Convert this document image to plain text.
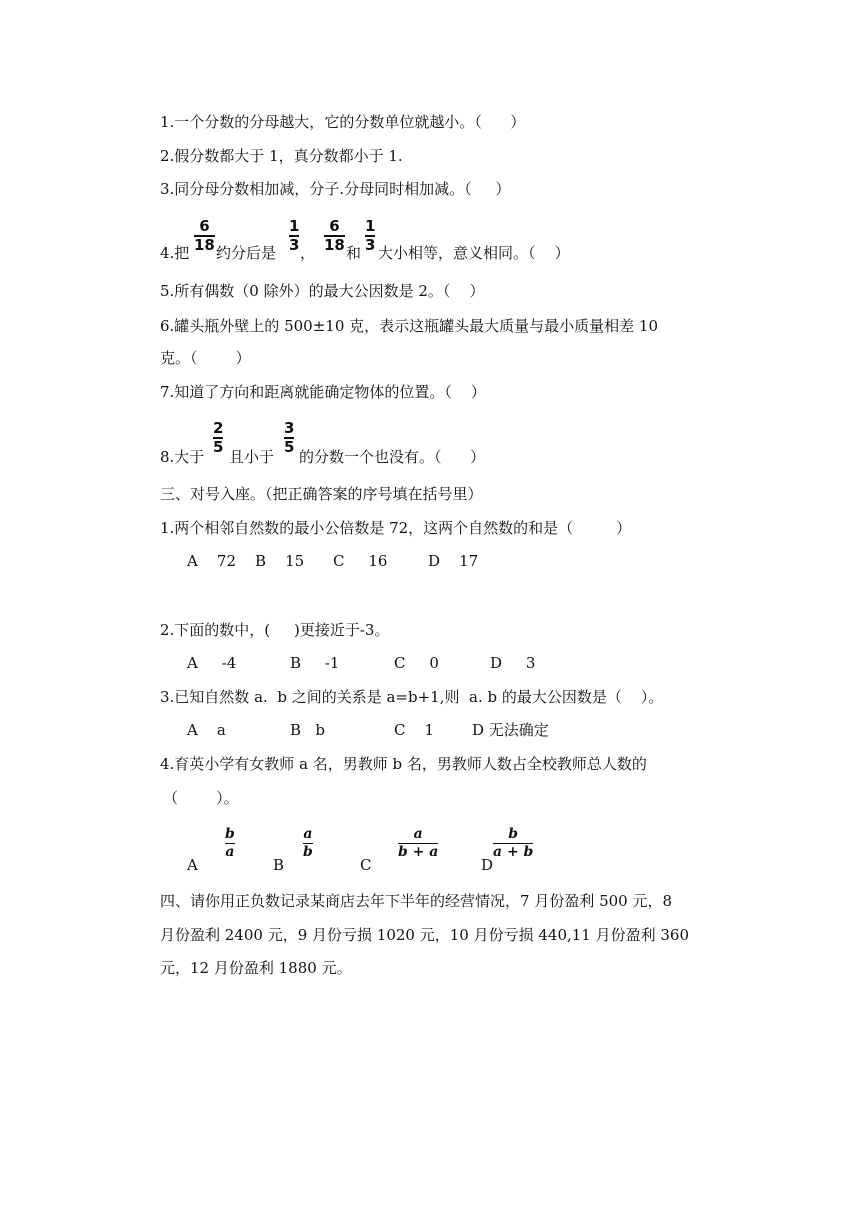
1.一个分数的分母越大，它的分数单位就越小。（      ）
2.假分数都大于 1，真分数都小于 1.
3.同分母分数相加减，分子.分母同时相加减。（     ）
4.把
6
18 约分后是
1
3 ，
6
18 和
1
3 大小相等，意义相同。（    ）
5.所有偶数（0 除外）的最大公因数是 2。（    ）
6.罐头瓶外壁上的 500±10 克，表示这瓶罐头最大质量与最小质量相差 10
克。（        ）
7.知道了方向和距离就能确定物体的位置。（    ）
8.大于
2
5
且小于
3
5
的分数一个也没有。（      ）
三、对号入座。（把正确答案的序号填在括号里）
1.两个相邻自然数的最小公倍数是 72，这两个自然数的和是（         ）
A    72 B    15 C     16	D    17
2.下面的数中，(     )更接近于-3。
A     -4	B     -1	C     0	D     3
3.已知自然数 a.  b 之间的关系是 a=b+1,则  a. b 的最大公因数是（    ）。
A    a	B   b	C    1	D 无法确定
4.育英小学有女教师 a 名，男教师 b 名，男教师人数占全校教师总人数的
（        ）。
A
b
a
B
a
b
C
a
b + a
D
b
a + b
四、请你用正负数记录某商店去年下半年的经营情况，7 月份盈利 500 元，8
月份盈利 2400 元，9 月份亏损 1020 元，10 月份亏损 440,11 月份盈利 360
元，12 月份盈利 1880 元。
